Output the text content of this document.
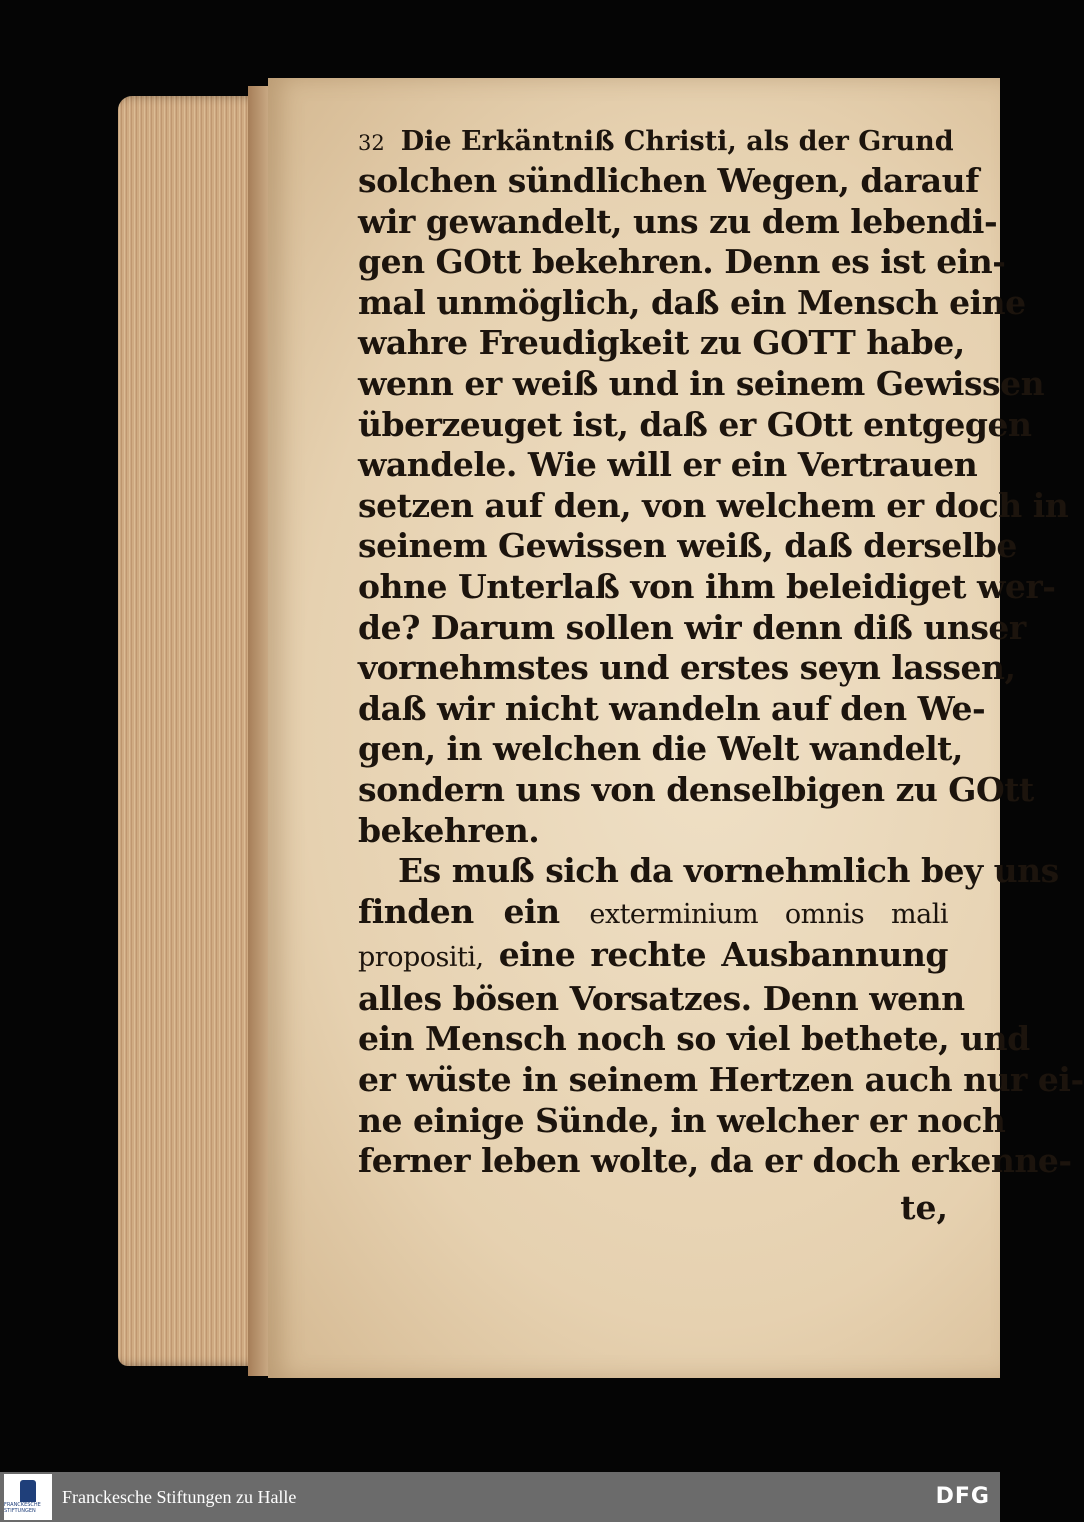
32 Die Erkäntniß Christi, als der Grund
solchen sündlichen Wegen, darauf
wir gewandelt, uns zu dem lebendi-
gen GOtt bekehren. Denn es ist ein-
mal unmöglich, daß ein Mensch eine
wahre Freudigkeit zu GOTT habe,
wenn er weiß und in seinem Gewissen
überzeuget ist, daß er GOtt entgegen
wandele. Wie will er ein Vertrauen
setzen auf den, von welchem er doch in
seinem Gewissen weiß, daß derselbe
ohne Unterlaß von ihm beleidiget wer-
de? Darum sollen wir denn diß unser
vornehmstes und erstes seyn lassen,
daß wir nicht wandeln auf den We-
gen, in welchen die Welt wandelt,
sondern uns von denselbigen zu GOtt
bekehren.
Es muß sich da vornehmlich bey uns
finden ein exterminium omnis mali
propositi, eine rechte Ausbannung
alles bösen Vorsatzes. Denn wenn
ein Mensch noch so viel bethete, und
er wüste in seinem Hertzen auch nur ei-
ne einige Sünde, in welcher er noch
ferner leben wolte, da er doch erkenne-
te,
FRANCKESCHE STIFTUNGEN
Franckesche Stiftungen zu Halle	DFG
